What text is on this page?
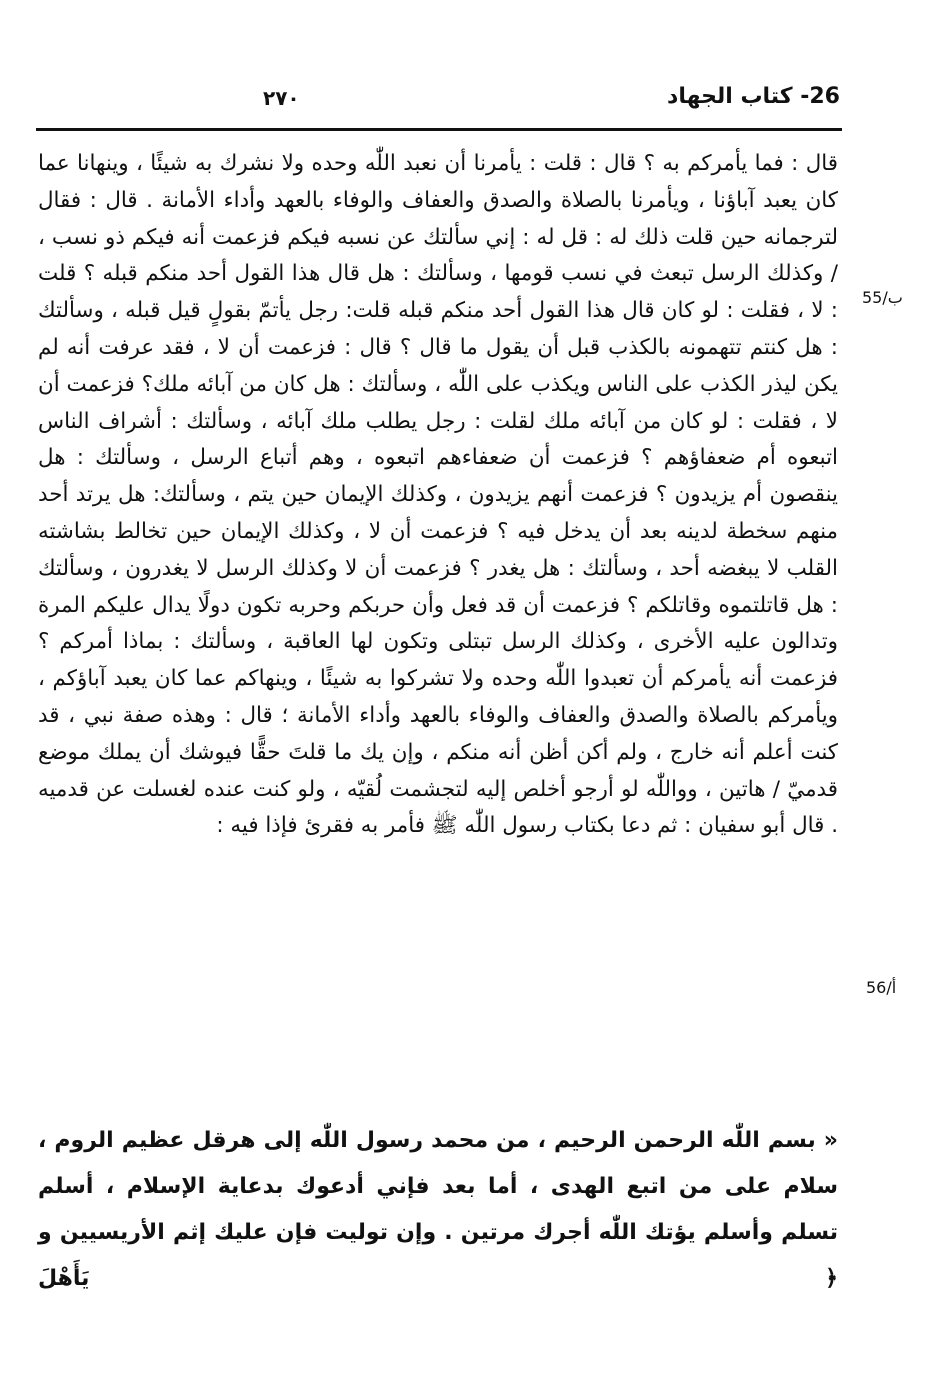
26- كتاب الجهاد
٢٧٠
55/ب
56/أ

قال : فما يأمركم به ؟ قال : قلت : يأمرنا أن نعبد اللّٰه وحده ولا نشرك به شيئًا ، وينهانا عما كان يعبد آباؤنا ، ويأمرنا بالصلاة والصدق والعفاف والوفاء بالعهد وأداء الأمانة . قال : فقال لترجمانه حين قلت ذلك له : قل له : إني سألتك عن نسبه فيكم فزعمت أنه فيكم ذو نسب ، / وكذلك الرسل تبعث في نسب قومها ، وسألتك : هل قال هذا القول أحد منكم قبله ؟ قلت : لا ، فقلت : لو كان قال هذا القول أحد منكم قبله قلت: رجل يأتمّ بقولٍ قيل قبله ، وسألتك : هل كنتم تتهمونه بالكذب قبل أن يقول ما قال ؟ قال : فزعمت أن لا ، فقد عرفت أنه لم يكن ليذر الكذب على الناس ويكذب على اللّٰه ، وسألتك : هل كان من آبائه ملك؟ فزعمت أن لا ، فقلت : لو كان من آبائه ملك لقلت : رجل يطلب ملك آبائه ، وسألتك : أشراف الناس اتبعوه أم ضعفاؤهم ؟ فزعمت أن ضعفاءهم اتبعوه ، وهم أتباع الرسل ، وسألتك : هل ينقصون أم يزيدون ؟ فزعمت أنهم يزيدون ، وكذلك الإيمان حين يتم ، وسألتك: هل يرتد أحد منهم سخطة لدينه بعد أن يدخل فيه ؟ فزعمت أن لا ، وكذلك الإيمان حين تخالط بشاشته القلب لا يبغضه أحد ، وسألتك : هل يغدر ؟ فزعمت أن لا وكذلك الرسل لا يغدرون ، وسألتك : هل قاتلتموه وقاتلكم ؟ فزعمت أن قد فعل وأن حربكم وحربه تكون دولًا يدال عليكم المرة وتدالون عليه الأخرى ، وكذلك الرسل تبتلى وتكون لها العاقبة ، وسألتك : بماذا أمركم ؟ فزعمت أنه يأمركم أن تعبدوا اللّٰه وحده ولا تشركوا به شيئًا ، وينهاكم عما كان يعبد آباؤكم ، ويأمركم بالصلاة والصدق والعفاف والوفاء بالعهد وأداء الأمانة ؛ قال : وهذه صفة نبي ، قد كنت أعلم أنه خارج ، ولم أكن أظن أنه منكم ، وإن يك ما قلتَ حقًّا فيوشك أن يملك موضع قدميّ / هاتين ، وواللّٰه لو أرجو أخلص إليه لتجشمت لُقيّه ، ولو كنت عنده لغسلت عن قدميه . قال أبو سفيان : ثم دعا بكتاب رسول اللّٰه ﷺ فأمر به فقرئ فإذا فيه :

« بسم اللّٰه الرحمن الرحيم ، من محمد رسول اللّٰه إلى هرقل عظيم الروم ، سلام على من اتبع الهدى ، أما بعد فإني أدعوك بدعاية الإسلام ، أسلم تسلم وأسلم يؤتك اللّٰه أجرك مرتين . وإن توليت فإن عليك إثم الأريسيين و ﴿ يَأَهْلَ
